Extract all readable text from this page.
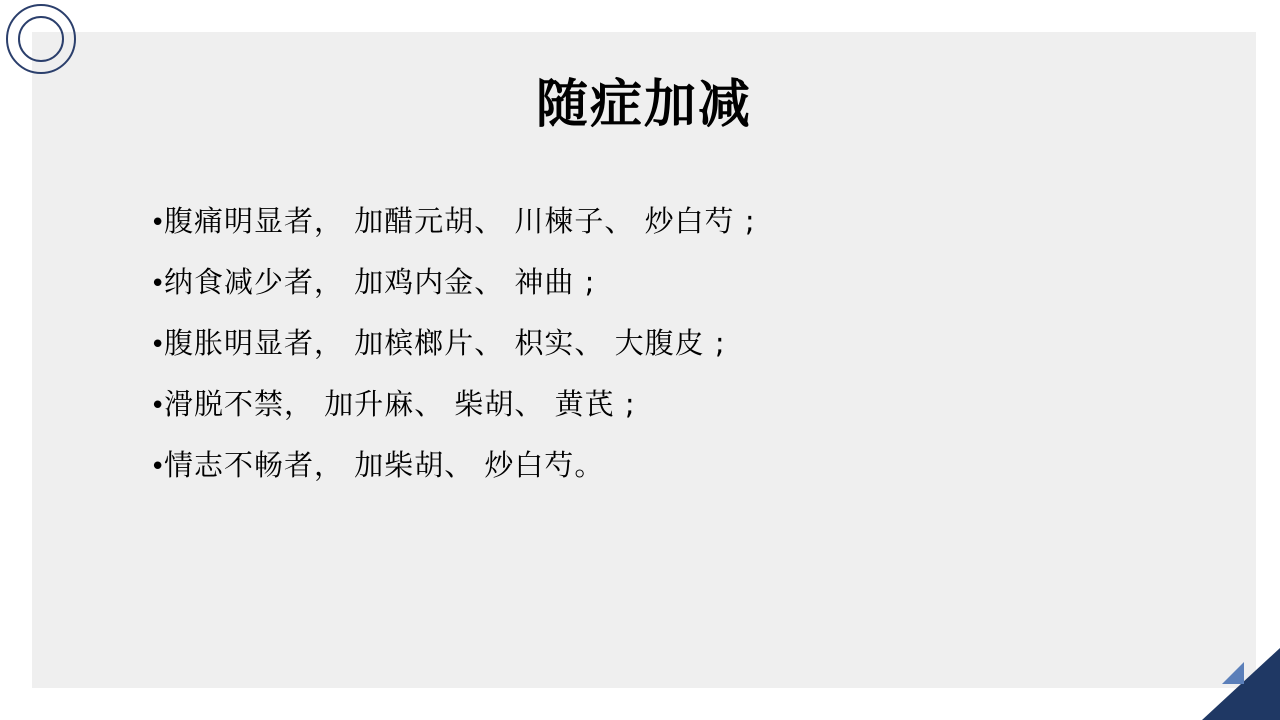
随症加减
• 腹痛明显者， 加醋元胡、 川楝子、 炒白芍 ;
• 纳食减少者， 加鸡内金、 神曲 ;
• 腹胀明显者， 加槟榔片、 枳实、 大腹皮 ;
• 滑脱不禁， 加升麻、 柴胡、 黄芪 ;
• 情志不畅者， 加柴胡、 炒白芍。
